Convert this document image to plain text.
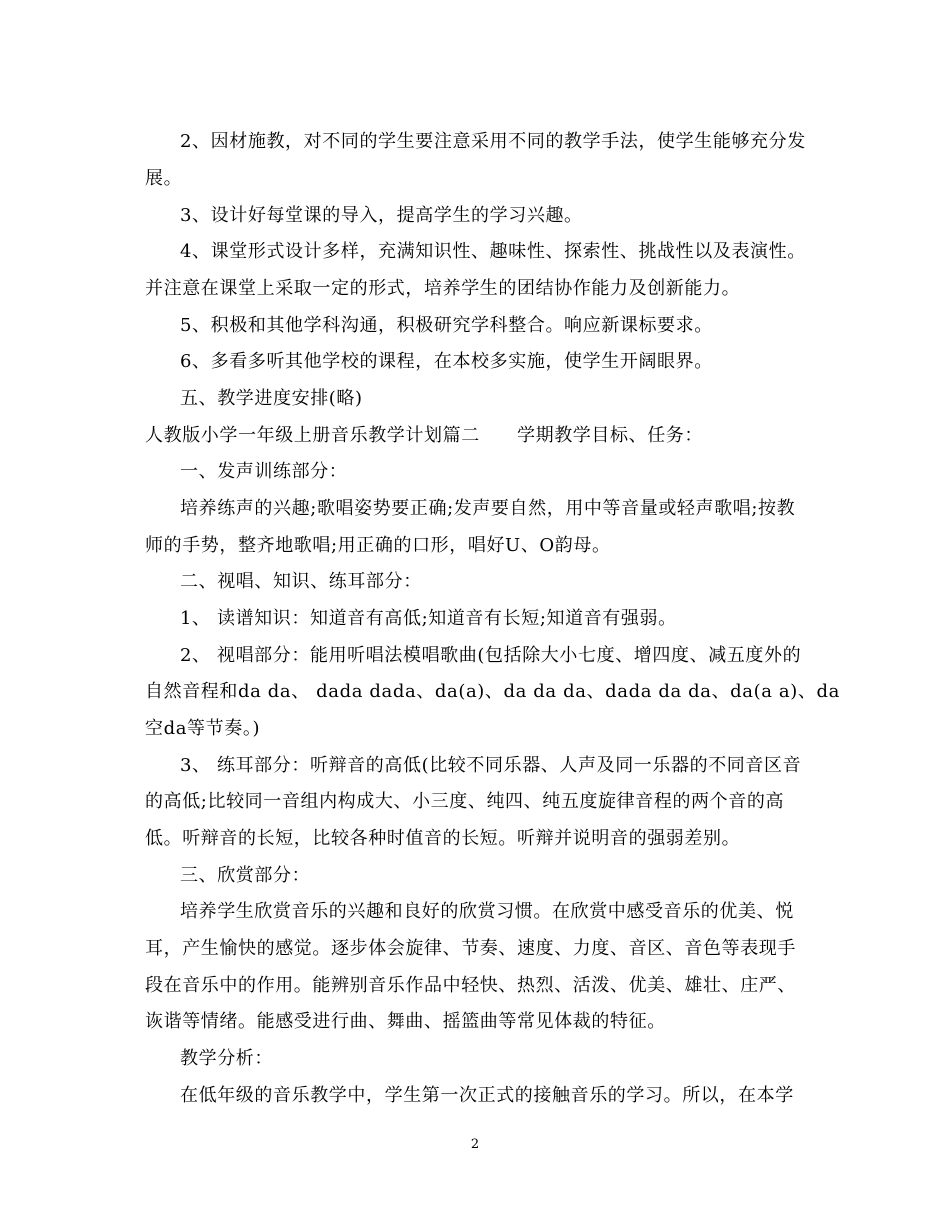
2、因材施教，对不同的学生要注意采用不同的教学手法，使学生能够充分发
展。
3、设计好每堂课的导入，提高学生的学习兴趣。
4、课堂形式设计多样，充满知识性、趣味性、探索性、挑战性以及表演性。
并注意在课堂上采取一定的形式，培养学生的团结协作能力及创新能力。
5、积极和其他学科沟通，积极研究学科整合。响应新课标要求。
6、多看多听其他学校的课程，在本校多实施，使学生开阔眼界。
五、教学进度安排(略)
人教版小学一年级上册音乐教学计划篇二　　学期教学目标、任务：
一、发声训练部分：
培养练声的兴趣;歌唱姿势要正确;发声要自然，用中等音量或轻声歌唱;按教
师的手势，整齐地歌唱;用正确的口形，唱好U、O韵母。
二、视唱、知识、练耳部分：
1、 读谱知识：知道音有高低;知道音有长短;知道音有强弱。
2、 视唱部分：能用听唱法模唱歌曲(包括除大小七度、增四度、减五度外的
自然音程和da da、 dada dada、da(a)、da da da、dada da da、da(a a)、da
空da等节奏。)
3、 练耳部分：听辩音的高低(比较不同乐器、人声及同一乐器的不同音区音
的高低;比较同一音组内构成大、小三度、纯四、纯五度旋律音程的两个音的高
低。听辩音的长短，比较各种时值音的长短。听辩并说明音的强弱差别。
三、欣赏部分：
培养学生欣赏音乐的兴趣和良好的欣赏习惯。在欣赏中感受音乐的优美、悦
耳，产生愉快的感觉。逐步体会旋律、节奏、速度、力度、音区、音色等表现手
段在音乐中的作用。能辨别音乐作品中轻快、热烈、活泼、优美、雄壮、庄严、
诙谐等情绪。能感受进行曲、舞曲、摇篮曲等常见体裁的特征。
教学分析：
在低年级的音乐教学中，学生第一次正式的接触音乐的学习。所以，在本学
2
